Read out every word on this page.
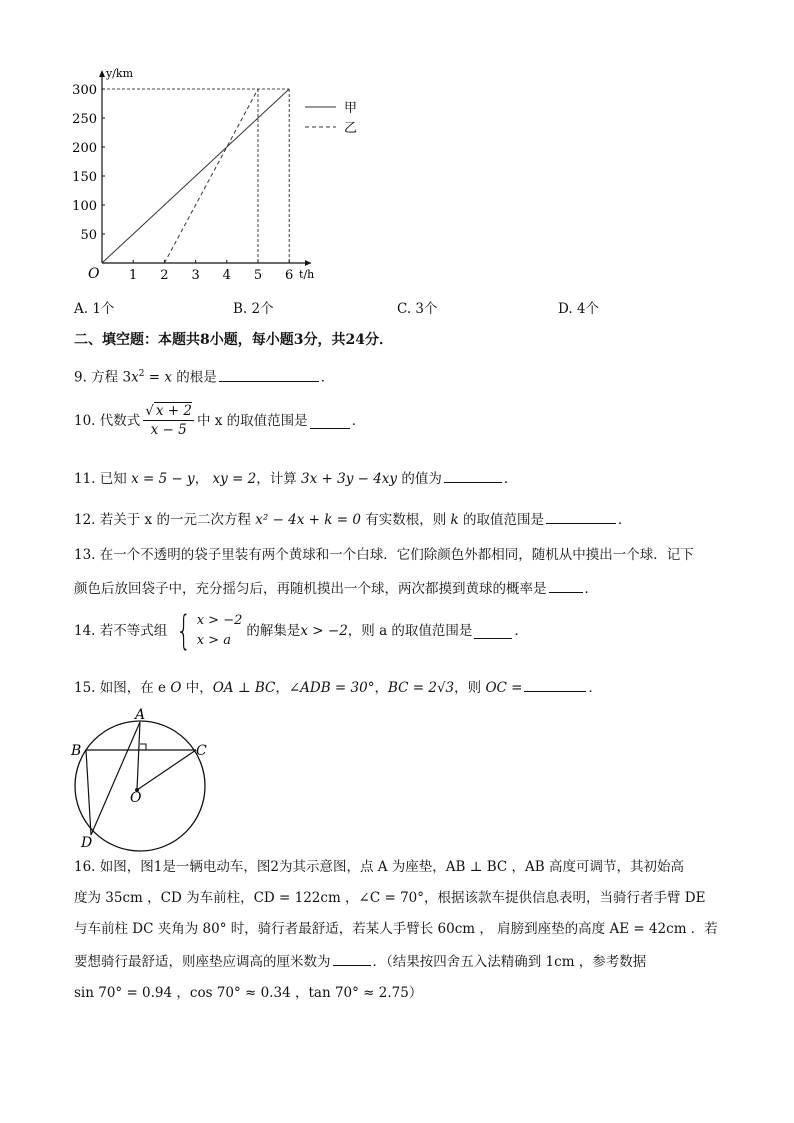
y/km
t/h
O 1 2 3 4 5 6
50
100
150
200
250
300
甲
乙
A. 1个	B. 2个	C. 3个	D. 4个
二、填空题：本题共8小题，每小题3分，共24分．
9. 方程 $3x^2 = x$ 的根是	．
10. 代数式 $\frac{√ x + 2}{x - 5}$ 中 x 的取值范围是	．
11. 已知 x = 5 − y， xy = 2，计算 3x + 3y − 4xy 的值为	．
12. 若关于 x 的一元二次方程 x² − 4x + k = 0 有实数根，则 k 的取值范围是	．
13. 在一个不透明的袋子里装有两个黄球和一个白球．它们除颜色外都相同，随机从中摸出一个球．记下
颜色后放回袋子中，充分摇匀后，再随机摸出一个球，两次都摸到黄球的概率是	．
14. 若不等式组 { x > −2
x > a
的解集是 x > −2 ，则 a 的取值范围是	．
15. 如图，在 e O 中，OA ⊥ BC，∠ADB = 30°，BC = 2√3，则 OC =	．
A
B	C
O
D
16. 如图，图1是一辆电动车，图2为其示意图，点 A 为座垫，AB ⊥ BC ，AB 高度可调节，其初始高
度为 35cm ，CD 为车前柱，CD = 122cm ，∠C = 70°，根据该款车提供信息表明，当骑行者手臂 DE
与车前柱 DC 夹角为 80° 时，骑行者最舒适，若某人手臂长 60cm ， 肩膀到座垫的高度 AE = 42cm ．若
要想骑行最舒适，则座垫应调高的厘米数为	．（结果按四舍五入法精确到 1cm ，参考数据
sin 70° = 0.94 ，cos 70° ≈ 0.34 ，tan 70° ≈ 2.75）
